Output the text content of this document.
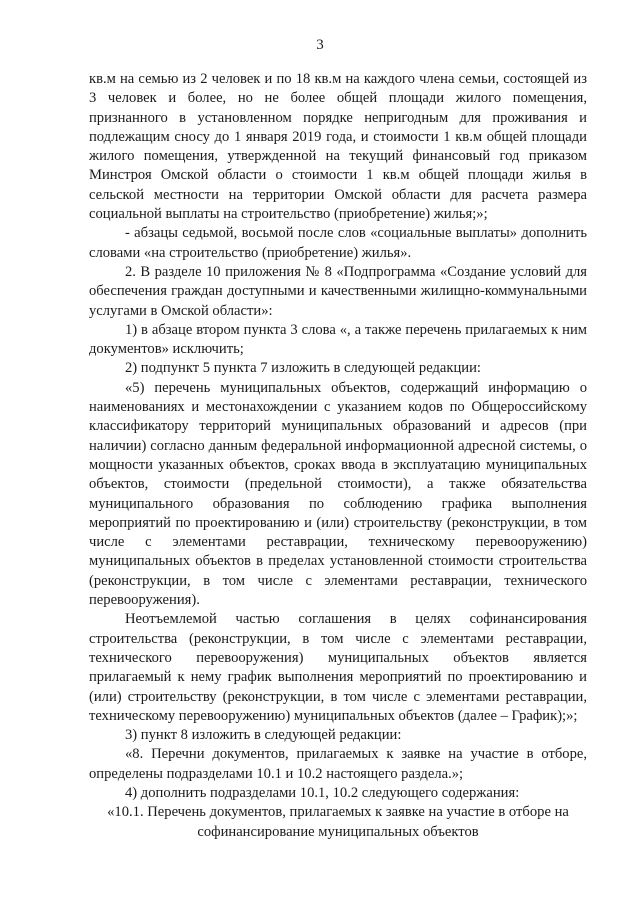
3

кв.м на семью из 2 человек и по 18 кв.м на каждого члена семьи, состоящей из 3 человек и более, но не более общей площади жилого помещения, признанного в установленном порядке непригодным для проживания и подлежащим сносу до 1 января 2019 года, и стоимости 1 кв.м общей площади жилого помещения, утвержденной на текущий финансовый год приказом Минстроя Омской области о стоимости 1 кв.м общей площади жилья в сельской местности на территории Омской области для расчета размера социальной выплаты на строительство (приобретение) жилья;»;

- абзацы седьмой, восьмой после слов «социальные выплаты» дополнить словами «на строительство (приобретение) жилья».

2. В разделе 10 приложения № 8 «Подпрограмма «Создание условий для обеспечения граждан доступными и качественными жилищно-коммунальными услугами в Омской области»:

1) в абзаце втором пункта 3 слова «, а также перечень прилагаемых к ним документов» исключить;

2) подпункт 5 пункта 7 изложить в следующей редакции:

«5) перечень муниципальных объектов, содержащий информацию о наименованиях и местонахождении с указанием кодов по Общероссийскому классификатору территорий муниципальных образований и адресов (при наличии) согласно данным федеральной информационной адресной системы, о мощности указанных объектов, сроках ввода в эксплуатацию муниципальных объектов, стоимости (предельной стоимости), а также обязательства муниципального образования по соблюдению графика выполнения мероприятий по проектированию и (или) строительству (реконструкции, в том числе с элементами реставрации, техническому перевооружению) муниципальных объектов в пределах установленной стоимости строительства (реконструкции, в том числе с элементами реставрации, технического перевооружения).

Неотъемлемой частью соглашения в целях софинансирования строительства (реконструкции, в том числе с элементами реставрации, технического перевооружения) муниципальных объектов является прилагаемый к нему график выполнения мероприятий по проектированию и (или) строительству (реконструкции, в том числе с элементами реставрации, техническому перевооружению) муниципальных объектов (далее – График);»;

3) пункт 8 изложить в следующей редакции:

«8. Перечни документов, прилагаемых к заявке на участие в отборе, определены подразделами 10.1 и 10.2 настоящего раздела.»;

4) дополнить подразделами 10.1, 10.2 следующего содержания:

«10.1. Перечень документов, прилагаемых к заявке на участие в отборе на
софинансирование муниципальных объектов
